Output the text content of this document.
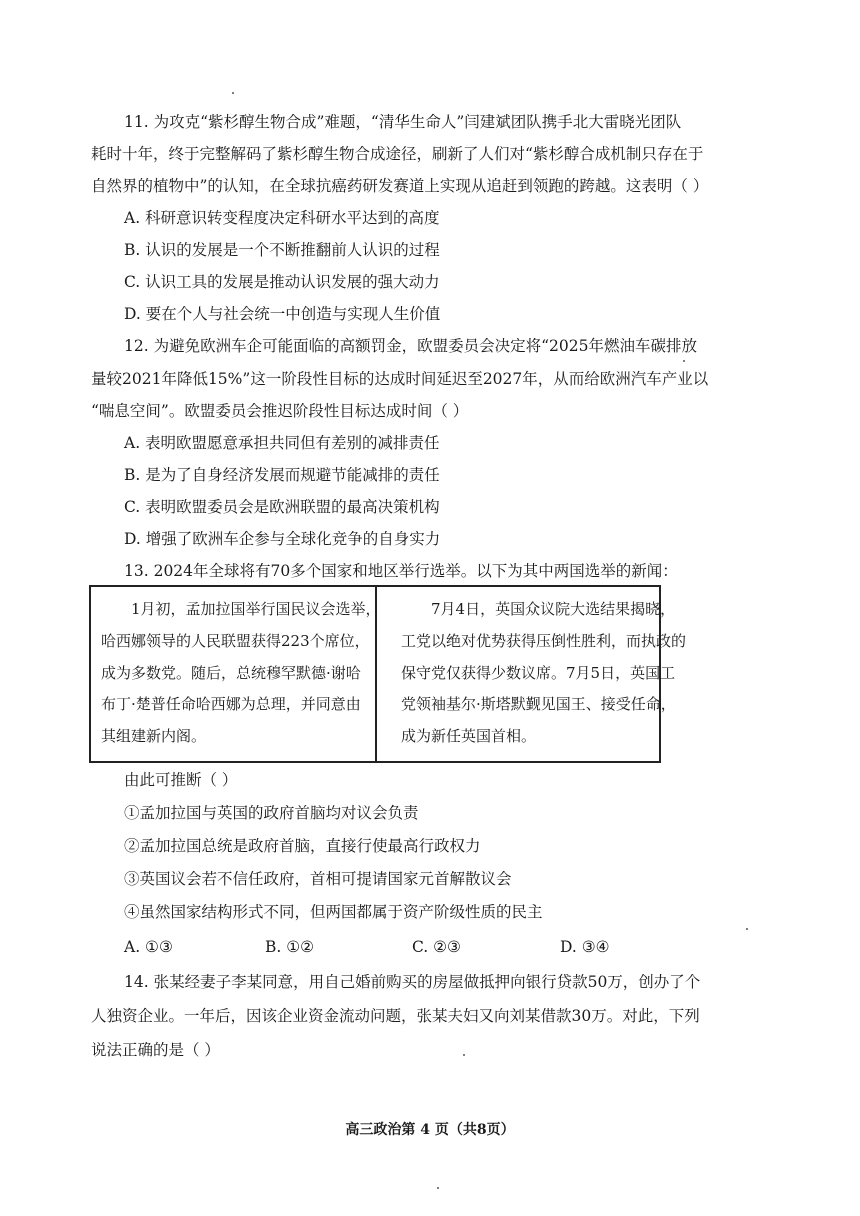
11. 为攻克“紫杉醇生物合成”难题，“清华生命人”闫建斌团队携手北大雷晓光团队
耗时十年，终于完整解码了紫杉醇生物合成途径，刷新了人们对“紫杉醇合成机制只存在于
自然界的植物中”的认知，在全球抗癌药研发赛道上实现从追赶到领跑的跨越。这表明（ ）
A. 科研意识转变程度决定科研水平达到的高度
B. 认识的发展是一个不断推翻前人认识的过程
C. 认识工具的发展是推动认识发展的强大动力
D. 要在个人与社会统一中创造与实现人生价值
12. 为避免欧洲车企可能面临的高额罚金，欧盟委员会决定将“2025年燃油车碳排放
量较2021年降低15%”这一阶段性目标的达成时间延迟至2027年，从而给欧洲汽车产业以
“喘息空间”。欧盟委员会推迟阶段性目标达成时间（ ）
A. 表明欧盟愿意承担共同但有差别的减排责任
B. 是为了自身经济发展而规避节能减排的责任
C. 表明欧盟委员会是欧洲联盟的最高决策机构
D. 增强了欧洲车企参与全球化竞争的自身实力
13. 2024年全球将有70多个国家和地区举行选举。以下为其中两国选举的新闻：
1月初，孟加拉国举行国民议会选举，
哈西娜领导的人民联盟获得223个席位，
成为多数党。随后，总统穆罕默德·谢哈
布丁·楚普任命哈西娜为总理，并同意由
其组建新内阁。
7月4日，英国众议院大选结果揭晓，
工党以绝对优势获得压倒性胜利，而执政的
保守党仅获得少数议席。7月5日，英国工
党领袖基尔·斯塔默觐见国王、接受任命，
成为新任英国首相。
由此可推断（ ）
①孟加拉国与英国的政府首脑均对议会负责
②孟加拉国总统是政府首脑，直接行使最高行政权力
③英国议会若不信任政府，首相可提请国家元首解散议会
④虽然国家结构形式不同，但两国都属于资产阶级性质的民主
A. ①③	B. ①②	C. ②③	D. ③④
14. 张某经妻子李某同意，用自己婚前购买的房屋做抵押向银行贷款50万，创办了个
人独资企业。一年后，因该企业资金流动问题，张某夫妇又向刘某借款30万。对此，下列
说法正确的是（ ）
高三政治第 4 页（共8页）
